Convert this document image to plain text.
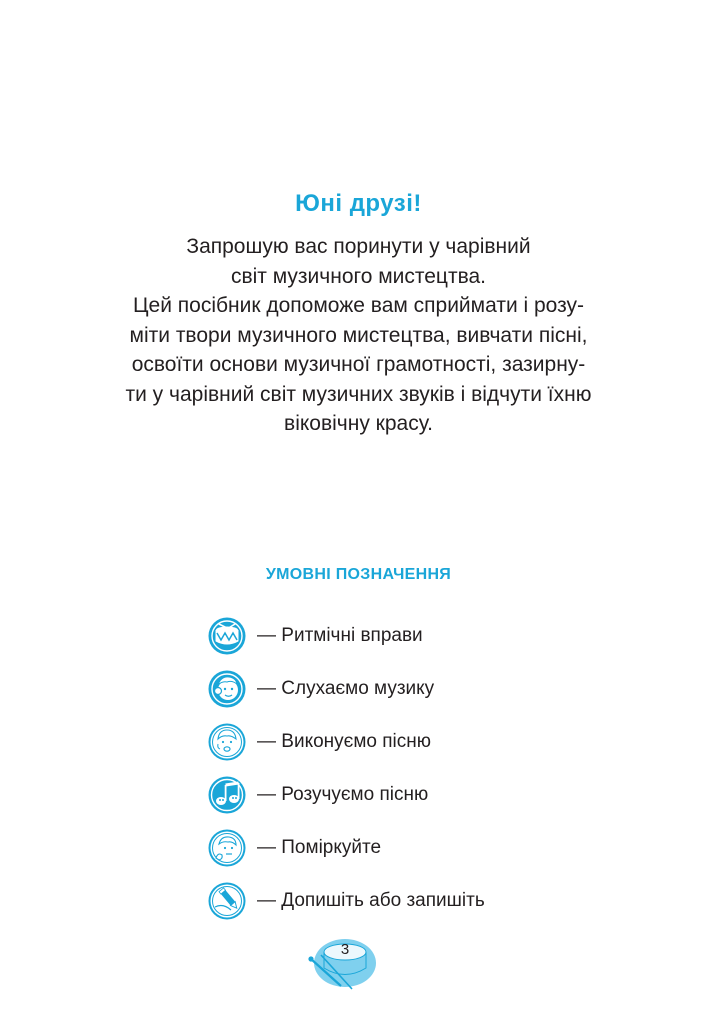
Юні друзі!
Запрошую вас поринути у чарівний
світ музичного мистецтва.
Цей посібник допоможе вам сприймати і розу-
міти твори музичного мистецтва, вивчати пісні,
освоїти основи музичної грамотності, зазирну-
ти у чарівний світ музичних звуків і відчути їхню
віковічну красу.
УМОВНІ ПОЗНАЧЕННЯ
— Ритмічні вправи
— Слухаємо музику
— Виконуємо пісню
— Розучуємо пісню
— Поміркуйте
— Допишіть або запишіть
3
